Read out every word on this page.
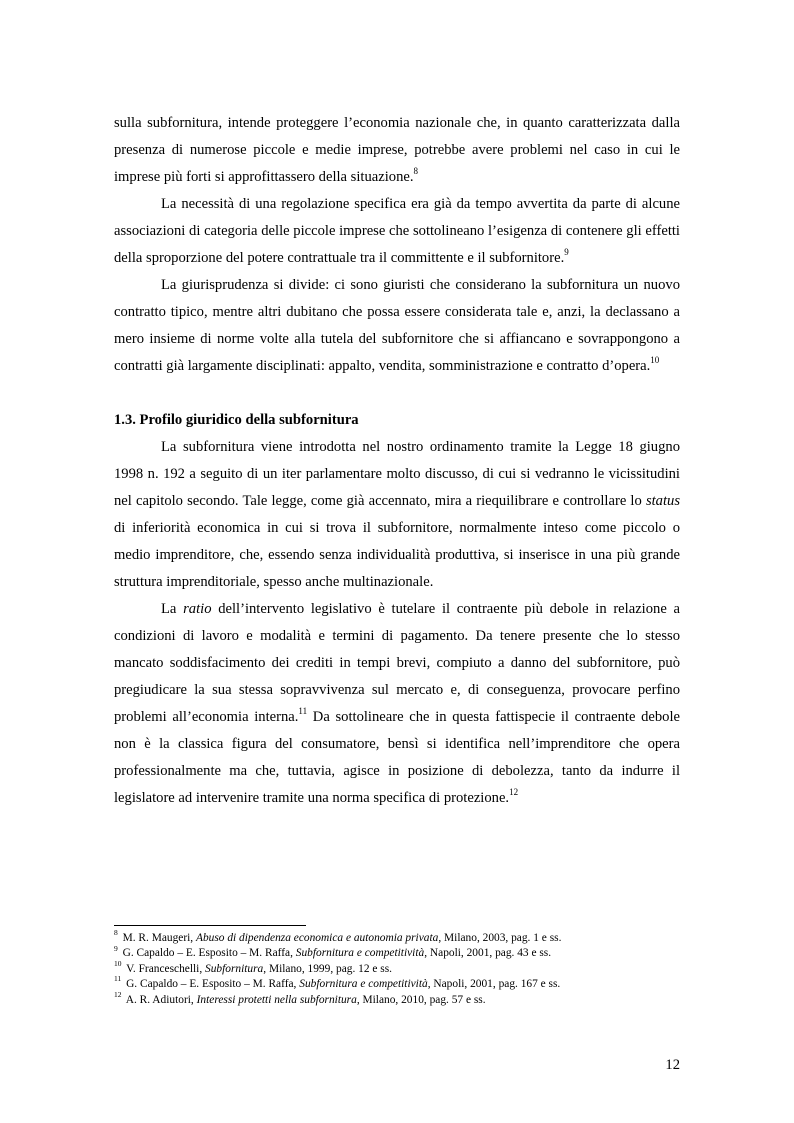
sulla subfornitura, intende proteggere l’economia nazionale che, in quanto caratterizzata dalla presenza di numerose piccole e medie imprese, potrebbe avere problemi nel caso in cui le imprese più forti si approfittassero della situazione.$^8$

La necessità di una regolazione specifica era già da tempo avvertita da parte di alcune associazioni di categoria delle piccole imprese che sottolineano l’esigenza di contenere gli effetti della sproporzione del potere contrattuale tra il committente e il subfornitore.$^9$

La giurisprudenza si divide: ci sono giuristi che considerano la subfornitura un nuovo contratto tipico, mentre altri dubitano che possa essere considerata tale e, anzi, la declassano a mero insieme di norme volte alla tutela del subfornitore che si affiancano e sovrappongono a contratti già largamente disciplinati: appalto, vendita, somministrazione e contratto d’opera.$^{10}$

1.3. Profilo giuridico della subfornitura

La subfornitura viene introdotta nel nostro ordinamento tramite la Legge 18 giugno 1998 n. 192 a seguito di un iter parlamentare molto discusso, di cui si vedranno le vicissitudini nel capitolo secondo. Tale legge, come già accennato, mira a riequilibrare e controllare lo status di inferiorità economica in cui si trova il subfornitore, normalmente inteso come piccolo o medio imprenditore, che, essendo senza individualità produttiva, si inserisce in una più grande struttura imprenditoriale, spesso anche multinazionale.

La ratio dell’intervento legislativo è tutelare il contraente più debole in relazione a condizioni di lavoro e modalità e termini di pagamento. Da tenere presente che lo stesso mancato soddisfacimento dei crediti in tempi brevi, compiuto a danno del subfornitore, può pregiudicare la sua stessa sopravvivenza sul mercato e, di conseguenza, provocare perfino problemi all’economia interna.$^{11}$ Da sottolineare che in questa fattispecie il contraente debole non è la classica figura del consumatore, bensì si identifica nell’imprenditore che opera professionalmente ma che, tuttavia, agisce in posizione di debolezza, tanto da indurre il legislatore ad intervenire tramite una norma specifica di protezione.$^{12}$

$^8$ M. R. Maugeri, Abuso di dipendenza economica e autonomia privata, Milano, 2003, pag. 1 e ss.

$^9$ G. Capaldo – E. Esposito – M. Raffa, Subfornitura e competitività, Napoli, 2001, pag. 43 e ss.

$^{10}$ V. Franceschelli, Subfornitura, Milano, 1999, pag. 12 e ss.

$^{11}$ G. Capaldo – E. Esposito – M. Raffa, Subfornitura e competitività, Napoli, 2001, pag. 167 e ss.

$^{12}$ A. R. Adiutori, Interessi protetti nella subfornitura, Milano, 2010, pag. 57 e ss.

12
